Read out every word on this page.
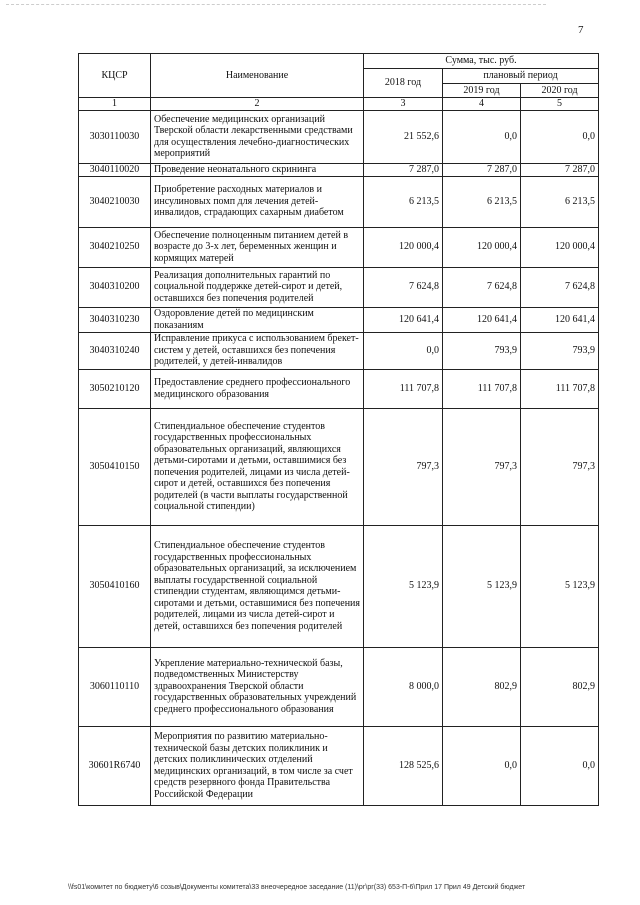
7
КЦСР	Наименование	Сумма, тыс. руб.		
		2018 год	плановый период	
			2019 год	2020 год
1	2	3	4	5
3030110030	Обеспечение медицинских организаций Тверской области лекарственными средствами для осуществления лечебно-диагностических мероприятий	21 552,6	0,0	0,0
3040110020	Проведение неонатального скрининга	7 287,0	7 287,0	7 287,0
3040210030	Приобретение расходных материалов и инсулиновых помп для лечения детей-инвалидов, страдающих сахарным диабетом	6 213,5	6 213,5	6 213,5
3040210250	Обеспечение полноценным питанием детей в возрасте до 3-х лет, беременных женщин и кормящих матерей	120 000,4	120 000,4	120 000,4
3040310200	Реализация дополнительных гарантий по социальной поддержке детей-сирот и детей, оставшихся без попечения родителей	7 624,8	7 624,8	7 624,8
3040310230	Оздоровление детей по медицинским показаниям	120 641,4	120 641,4	120 641,4
3040310240	Исправление прикуса с использованием брекет-систем у детей, оставшихся без попечения родителей, у детей-инвалидов	0,0	793,9	793,9
3050210120	Предоставление среднего профессионального медицинского образования	111 707,8	111 707,8	111 707,8
3050410150	Стипендиальное обеспечение студентов государственных профессиональных образовательных организаций, являющихся детьми-сиротами и детьми, оставшимися без попечения родителей, лицами из числа детей-сирот и детей, оставшихся без попечения родителей (в части выплаты государственной социальной стипендии)	797,3	797,3	797,3
3050410160	Стипендиальное обеспечение студентов государственных профессиональных образовательных организаций, за исключением выплаты государственной социальной стипендии студентам, являющимся детьми-сиротами и детьми, оставшимися без попечения родителей, лицами из числа детей-сирот и детей, оставшихся без попечения родителей	5 123,9	5 123,9	5 123,9
3060110110	Укрепление материально-технической базы, подведомственных Министерству здравоохранения Тверской области государственных образовательных учреждений среднего профессионального образования	8 000,0	802,9	802,9
30601R6740	Мероприятия по развитию материально-технической базы детских поликлиник и детских поликлинических отделений медицинских организаций, в том числе за счет средств резервного фонда Правительства Российской Федерации	128 525,6	0,0	0,0
\\fs01\комитет по бюджету\6 созыв\Документы комитета\33 внеочередное заседание (11)\рг\рг(33) 653-П-6\Прил 17 Прил 49 Детский бюджет
